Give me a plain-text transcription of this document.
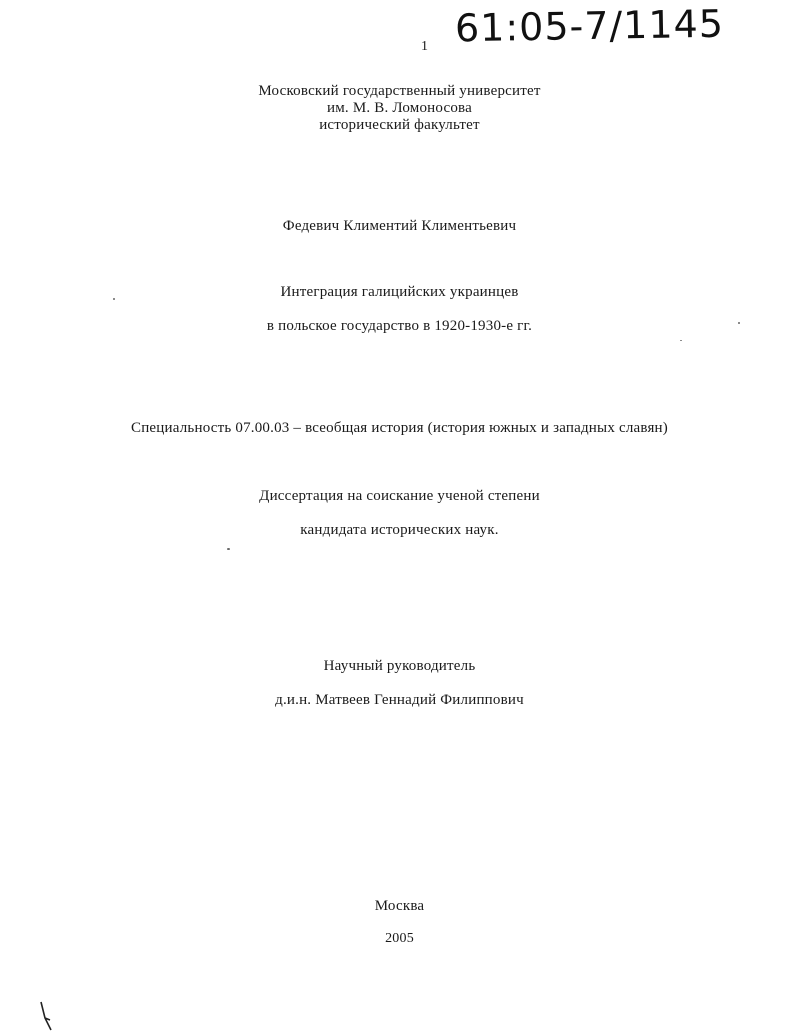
1 61:05-7/1145
Московский государственный университет
им. М. В. Ломоносова
исторический факультет
Федевич Климентий Климентьевич
Интеграция галицийских украинцев
в польское государство в 1920-1930-е гг.
Специальность 07.00.03 – всеобщая история (история южных и западных славян)
Диссертация на соискание ученой степени
кандидата исторических наук.
Научный руководитель
д.и.н. Матвеев Геннадий Филиппович
Москва
2005
